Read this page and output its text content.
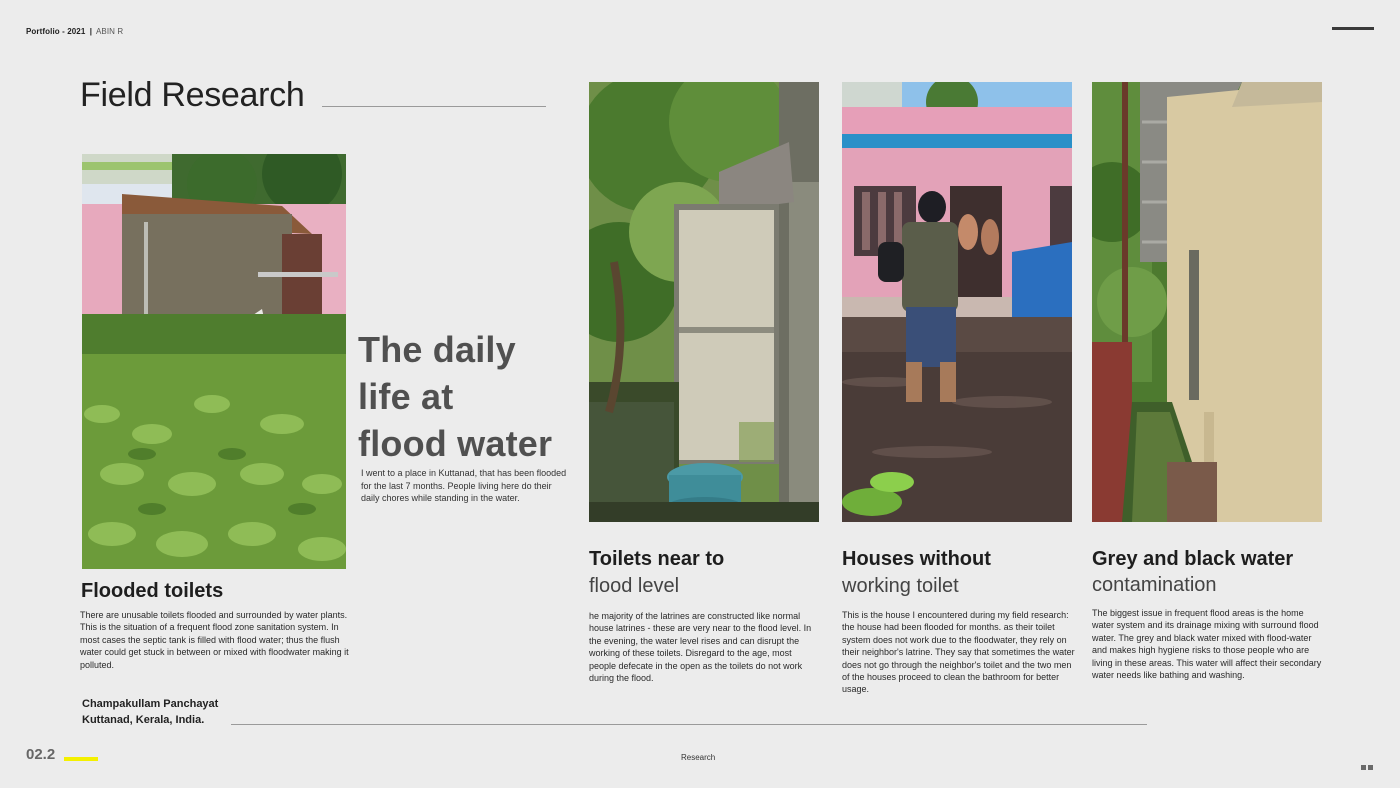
Portfolio - 2021 | ABIN R
Field Research
The daily
life at
flood water
I went to a place in Kuttanad, that has been flooded for the last 7 months. People living here do their daily chores while standing in the water.
Flooded toilets
There are unusable toilets flooded and surrounded by water plants. This is the situation of a frequent flood zone sanitation system. In most cases the septic tank is filled with flood water; thus the flush water could get stuck in between or mixed with floodwater making it polluted.
Toilets near to
flood level
he majority of the latrines are constructed like normal house latrines - these are very near to the flood level. In the evening, the water level rises and can disrupt the working of these toilets. Disregard to the age, most people defecate in the open as the toilets do not work during the flood.
Houses without
working toilet
This is the house I encountered during my field research: the house had been flooded for months. as their toilet system does not work due to the floodwater, they rely on their neighbor's latrine. They say that sometimes the water does not go through the neighbor's toilet and the two men of the houses proceed to clean the bathroom for better usage.
Grey and black water
contamination
The biggest issue in frequent flood areas is the home water system and its drainage mixing with surround flood water. The grey and black water mixed with flood-water and makes high hygiene risks to those people who are living in these areas. This water will affect their secondary water needs like bathing and washing.
Champakullam Panchayat
Kuttanad, Kerala, India.
02.2	Research
